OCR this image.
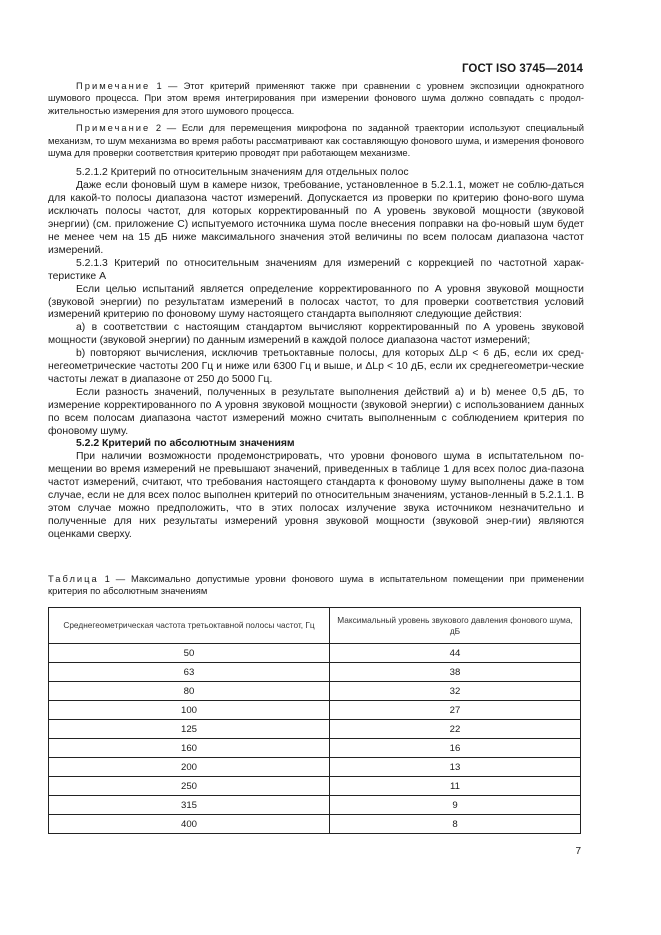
ГОСТ ISO 3745—2014

Примечание 1 — Этот критерий применяют также при сравнении с уровнем экспозиции однократного шумового процесса. При этом время интегрирования при измерении фонового шума должно совпадать с продол-жительностью измерения для этого шумового процесса.

Примечание 2 — Если для перемещения микрофона по заданной траектории используют специальный механизм, то шум механизма во время работы рассматривают как составляющую фонового шума, и измерения фонового шума для проверки соответствия критерию проводят при работающем механизме.

5.2.1.2 Критерий по относительным значениям для отдельных полос

Даже если фоновый шум в камере низок, требование, установленное в 5.2.1.1, может не соблю-даться для какой-то полосы диапазона частот измерений. Допускается из проверки по критерию фоно-вого шума исключать полосы частот, для которых корректированный по A уровень звуковой мощности (звуковой энергии) (см. приложение C) испытуемого источника шума после внесения поправки на фо-новый шум будет не менее чем на 15 дБ ниже максимального значения этой величины по всем полосам диапазона частот измерений.

5.2.1.3 Критерий по относительным значениям для измерений с коррекцией по частотной харак-теристике A

Если целью испытаний является определение корректированного по A уровня звуковой мощности (звуковой энергии) по результатам измерений в полосах частот, то для проверки соответствия условий измерений критерию по фоновому шуму настоящего стандарта выполняют следующие действия:

a) в соответствии с настоящим стандартом вычисляют корректированный по A уровень звуковой мощности (звуковой энергии) по данным измерений в каждой полосе диапазона частот измерений;

b) повторяют вычисления, исключив третьоктавные полосы, для которых ΔLp < 6 дБ, если их сред-негеометрические частоты 200 Гц и ниже или 6300 Гц и выше, и ΔLp < 10 дБ, если их среднегеометри-ческие частоты лежат в диапазоне от 250 до 5000 Гц.

Если разность значений, полученных в результате выполнения действий a) и b) менее 0,5 дБ, то измерение корректированного по A уровня звуковой мощности (звуковой энергии) с использованием данных по всем полосам диапазона частот измерений можно считать выполненным с соблюдением критерия по фоновому шуму.

5.2.2 Критерий по абсолютным значениям

При наличии возможности продемонстрировать, что уровни фонового шума в испытательном по-мещении во время измерений не превышают значений, приведенных в таблице 1 для всех полос диа-пазона частот измерений, считают, что требования настоящего стандарта к фоновому шуму выполнены даже в том случае, если не для всех полос выполнен критерий по относительным значениям, установ-ленный в 5.2.1.1. В этом случае можно предположить, что в этих полосах излучение звука источником незначительно и полученные для них результаты измерений уровня звуковой мощности (звуковой энер-гии) являются оценками сверху.

Таблица 1 — Максимально допустимые уровни фонового шума в испытательном помещении при применении критерия по абсолютным значениям
Среднегеометрическая частота третьоктавной полосы частот, Гц	Максимальный уровень звукового давления фонового шума, дБ
50	44
63	38
80	32
100	27
125	22
160	16
200	13
250	11
315	9
400	8
7
